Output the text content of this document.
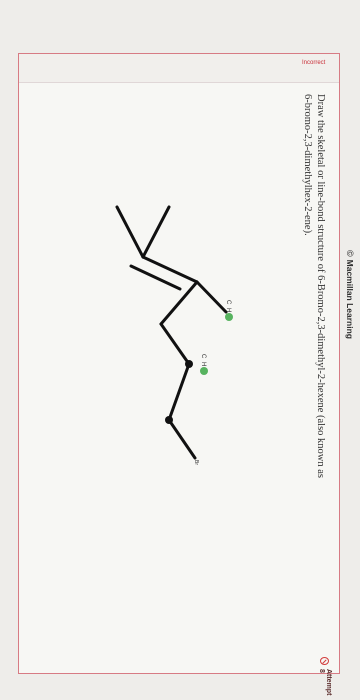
©
Macmillan Learning
Incorrect
Draw the skeletal or line-bond structure of 6-Bromo-2,3-dimethyl-2-hexene (also known as
6-bromo-2,3-dimethylhex-2-ene).
Attempt 8
C
H
C
H
Br
